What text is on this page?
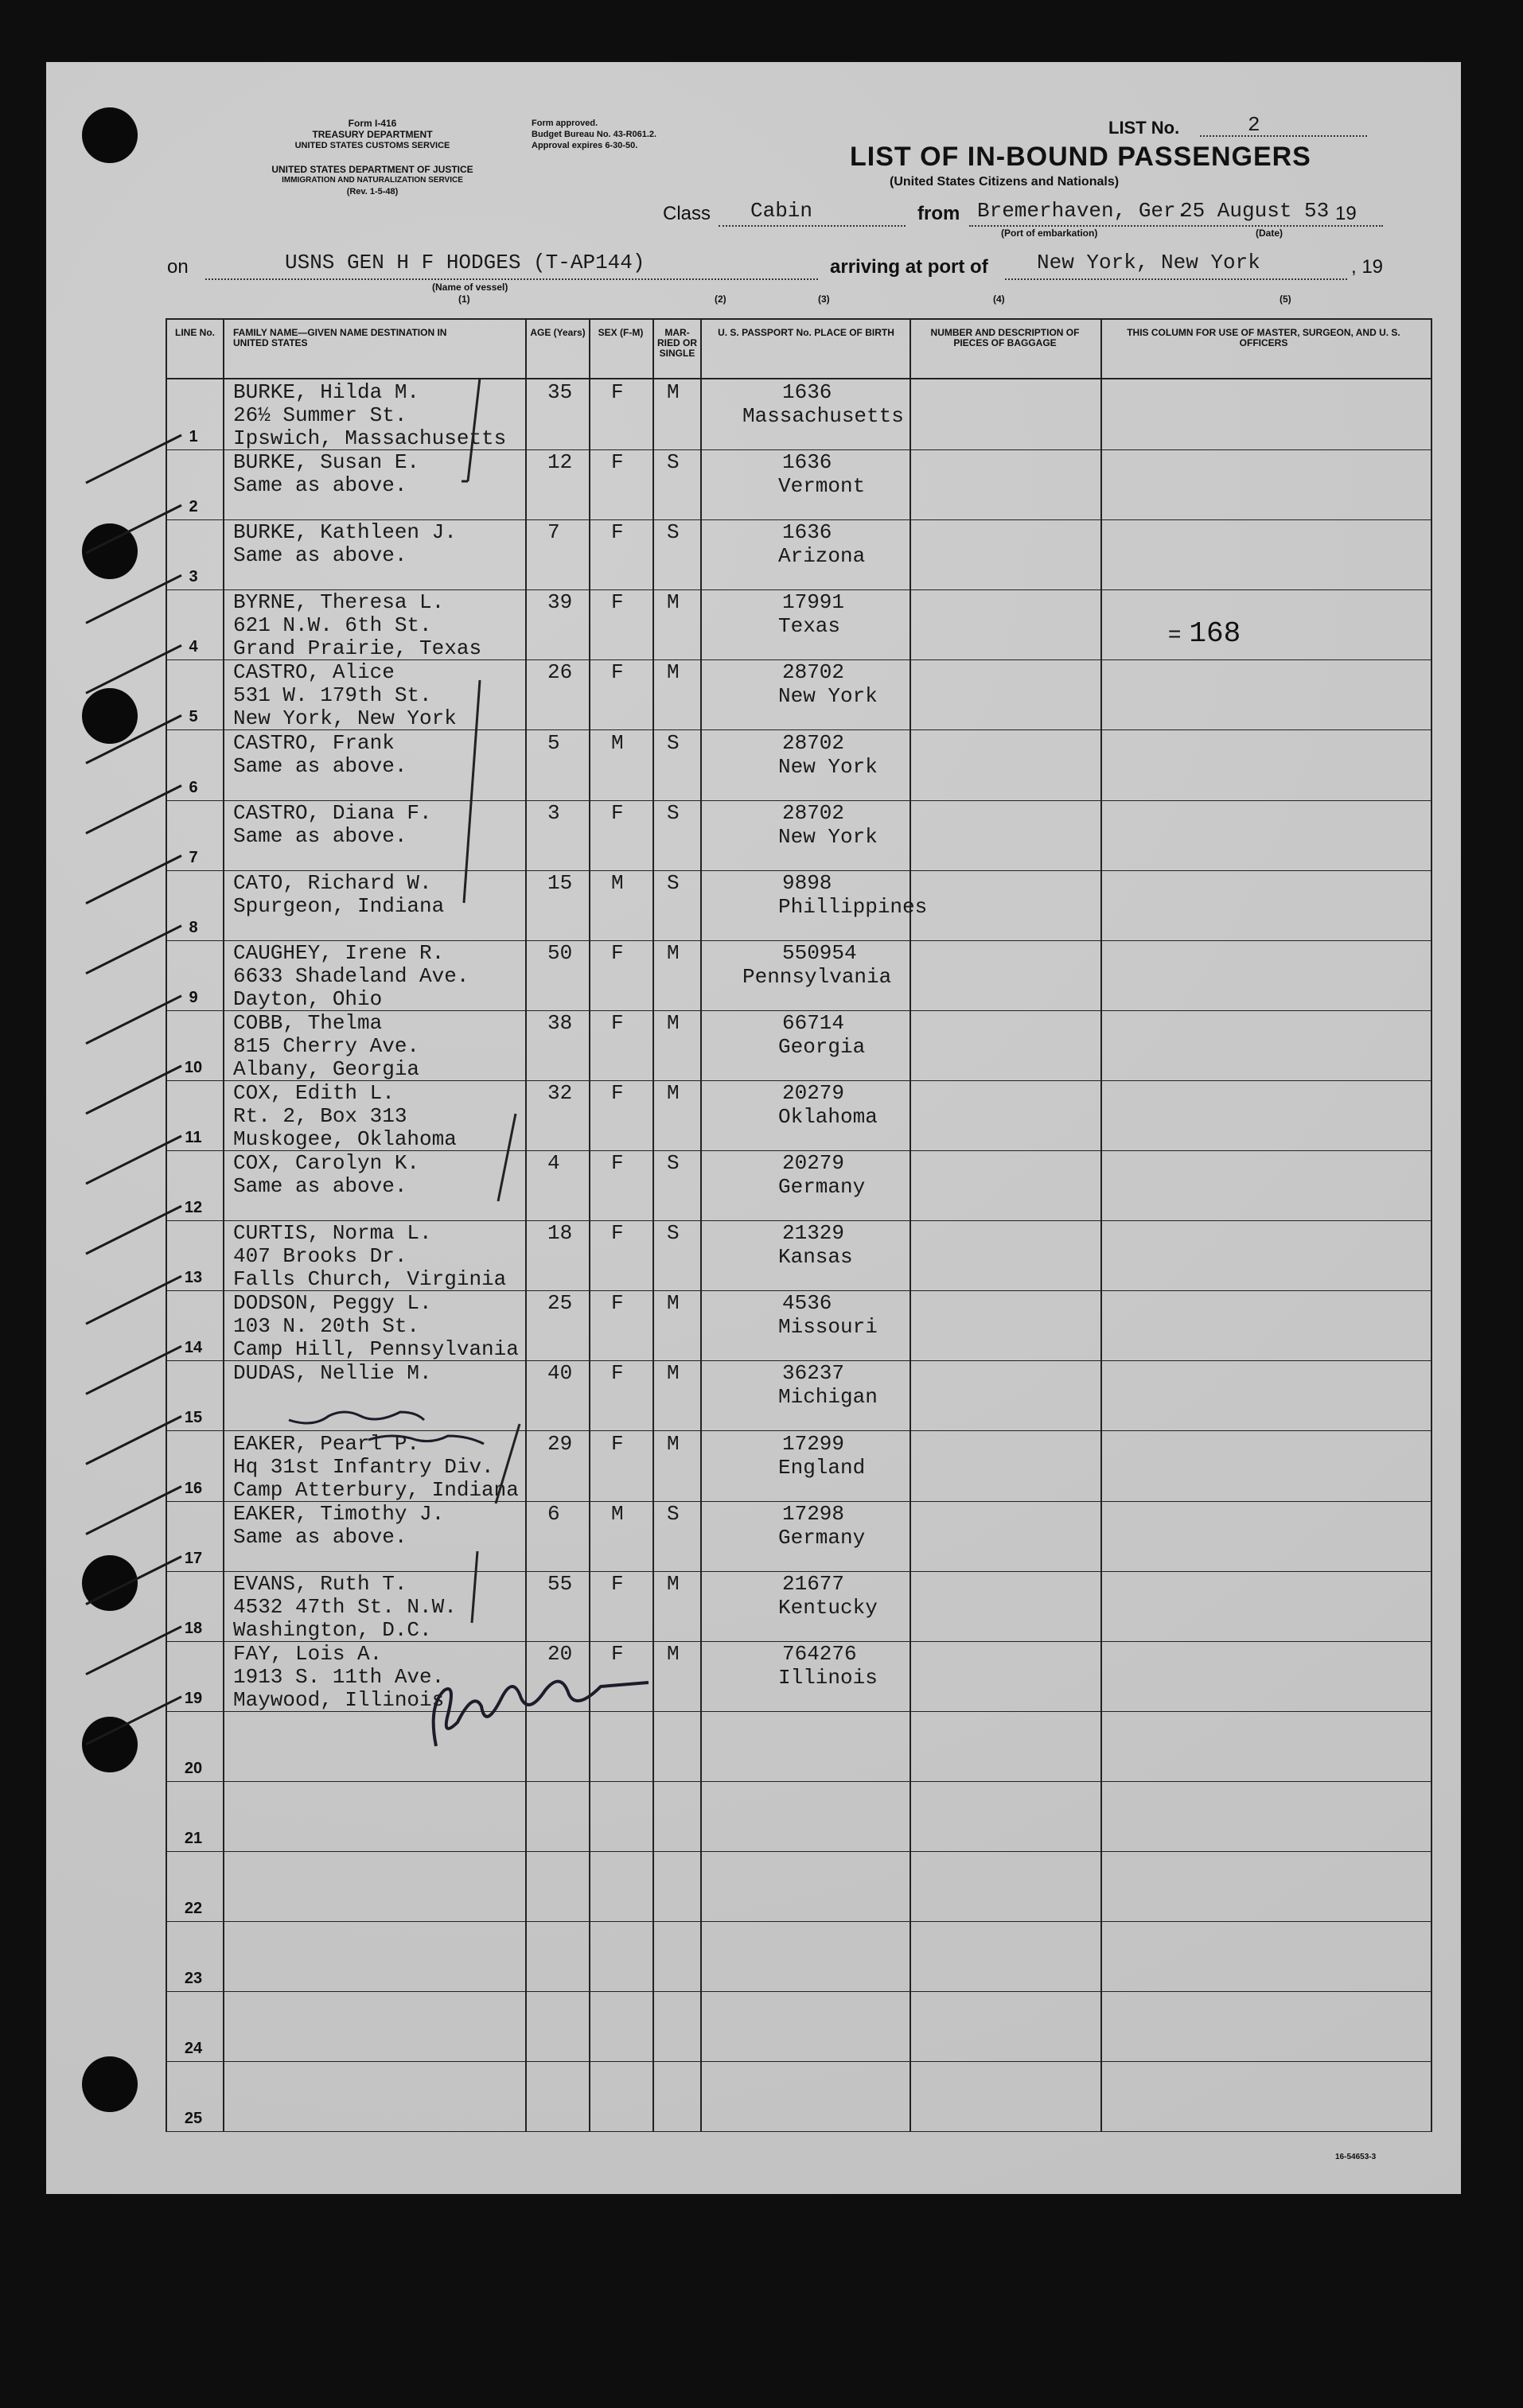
Form I-416
TREASURY DEPARTMENT
UNITED STATES CUSTOMS SERVICE
UNITED STATES DEPARTMENT OF JUSTICE
IMMIGRATION AND NATURALIZATION SERVICE
(Rev. 1-5-48)
Form approved.
Budget Bureau No. 43-R061.2.
Approval expires 6-30-50.
LIST No.	2
LIST OF IN-BOUND PASSENGERS
(United States Citizens and Nationals)
Class Cabin	from Bremerhaven, Ger.
25 August 53 19
(Port of embarkation)	(Date)
on	USNS GEN H F HODGES (T-AP144)
(Name of vessel)
arriving at port of New York, New York	, 19
(1)	(2)	(3)	(4)	(5)
= 168
16-54653-3
LINE No.	FAMILY NAME—GIVEN NAME DESTINATION IN UNITED STATES
AGE (Years)	SEX (F-M)	MAR-RIED OR SINGLE
U. S. PASSPORT No. PLACE OF BIRTH	NUMBER AND DESCRIPTION OF PIECES OF BAGGAGE
THIS COLUMN FOR USE OF MASTER, SURGEON, AND U. S. OFFICERS
1
BURKE, Hilda M.
26½ Summer St.
Ipswich, Massachusetts
35 F M	1636
Massachusetts
2
BURKE, Susan E.
Same as above.
12 F S	1636
Vermont
3
BURKE, Kathleen J.
Same as above.
7 F S	1636
Arizona
4
BYRNE, Theresa L.
621 N.W. 6th St.
Grand Prairie, Texas
39 F M	17991
Texas
5
CASTRO, Alice
531 W. 179th St.
New York, New York
26 F M	28702
New York
6
CASTRO, Frank
Same as above.
5 M S	28702
New York
7
CASTRO, Diana F.
Same as above.
3 F S	28702
New York
8
CATO, Richard W.
Spurgeon, Indiana
15 M S	9898
Phillippines
9
CAUGHEY, Irene R.
6633 Shadeland Ave.
Dayton, Ohio
50 F M	550954
Pennsylvania
10
COBB, Thelma
815 Cherry Ave.
Albany, Georgia
38 F M	66714
Georgia
11
COX, Edith L.
Rt. 2, Box 313
Muskogee, Oklahoma
32 F M	20279
Oklahoma
12
COX, Carolyn K.
Same as above.
4 F S	20279
Germany
13
CURTIS, Norma L.
407 Brooks Dr.
Falls Church, Virginia
18 F S	21329
Kansas
14
DODSON, Peggy L.
103 N. 20th St.
Camp Hill, Pennsylvania
25 F M	4536
Missouri
15
DUDAS, Nellie M.	40 F M	36237
Michigan
16
EAKER, Pearl P.
Hq 31st Infantry Div.
Camp Atterbury, Indiana
29 F M	17299
England
17
EAKER, Timothy J.
Same as above.
6 M S	17298
Germany
18
EVANS, Ruth T.
4532 47th St. N.W.
Washington, D.C.
55 F M	21677
Kentucky
19
FAY, Lois A.
1913 S. 11th Ave.
Maywood, Illinois
20 F M	764276
Illinois
20
21
22
23
24
25
